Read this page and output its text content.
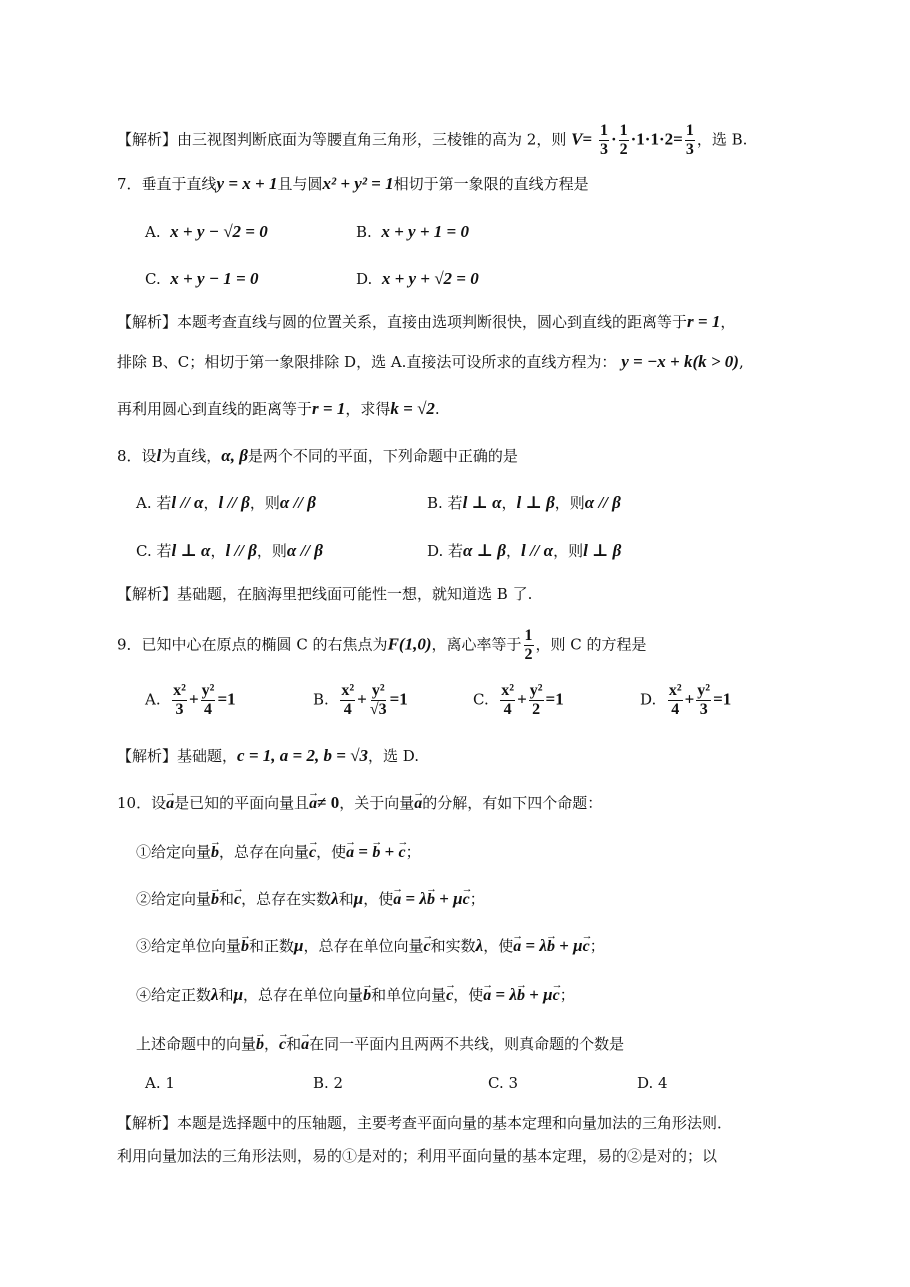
【解析】由三视图判断底面为等腰直角三角形，三棱锥的高为 2，则 $V= \frac{1}{3} \cdot \frac{1}{2} \cdot 1\cdot 1\cdot 2= \frac{1}{3}$ ，选 B.
7．垂直于直线y = x + 1且与圆x² + y² = 1相切于第一象限的直线方程是
A. x + y − √2 = 0	B. x + y + 1 = 0
C. x + y − 1 = 0	D. x + y + √2 = 0
【解析】本题考查直线与圆的位置关系，直接由选项判断很快，圆心到直线的距离等于r = 1，
排除 B、C；相切于第一象限排除 D，选 A.直接法可设所求的直线方程为： y = −x + k(k > 0),
再利用圆心到直线的距离等于r = 1，求得k = √2.
8．设l为直线，α, β是两个不同的平面，下列命题中正确的是
A. 若l // α，l // β，则α // β	B. 若l ⊥ α，l ⊥ β，则α // β
C. 若l ⊥ α，l // β，则α // β	D. 若α ⊥ β，l // α，则l ⊥ β
【解析】基础题，在脑海里把线面可能性一想，就知道选 B 了.
9．已知中心在原点的椭圆 C 的右焦点为F(1,0)，离心率等于 $\frac{1}{2}$ ，则 C 的方程是
A. $\frac{\text{x²}}{3} + \frac{\text{y²}}{4} =1$	B. $\frac{\text{x²}}{4} + \frac{\text{y²}}{√3} =1$	C. $\frac{\text{x²}}{4} + \frac{\text{y²}}{2} =1$	D. $\frac{\text{x²}}{4} + \frac{\text{y²}}{3} =1$
【解析】基础题，c = 1, a = 2, b = √3，选 D.
10．设→ a是已知的平面向量且→ a≠ 0，关于向量→ a的分解，有如下四个命题：
①给定向量→ b，总存在向量→ c，使→ a = → b + → c；
②给定向量→ b和→ c，总存在实数λ和μ，使→ a = λ→ b + μ→ c；
③给定单位向量→ b和正数μ，总存在单位向量→ c和实数λ，使→ a = λ→ b + μ→ c；
④给定正数λ和μ，总存在单位向量→ b和单位向量→ c，使→ a = λ→ b + μ→ c；
上述命题中的向量→ b，→ c和→ a在同一平面内且两两不共线，则真命题的个数是
A. 1	B. 2	C. 3	D. 4
【解析】本题是选择题中的压轴题，主要考查平面向量的基本定理和向量加法的三角形法则．
利用向量加法的三角形法则，易的①是对的；利用平面向量的基本定理，易的②是对的；以
